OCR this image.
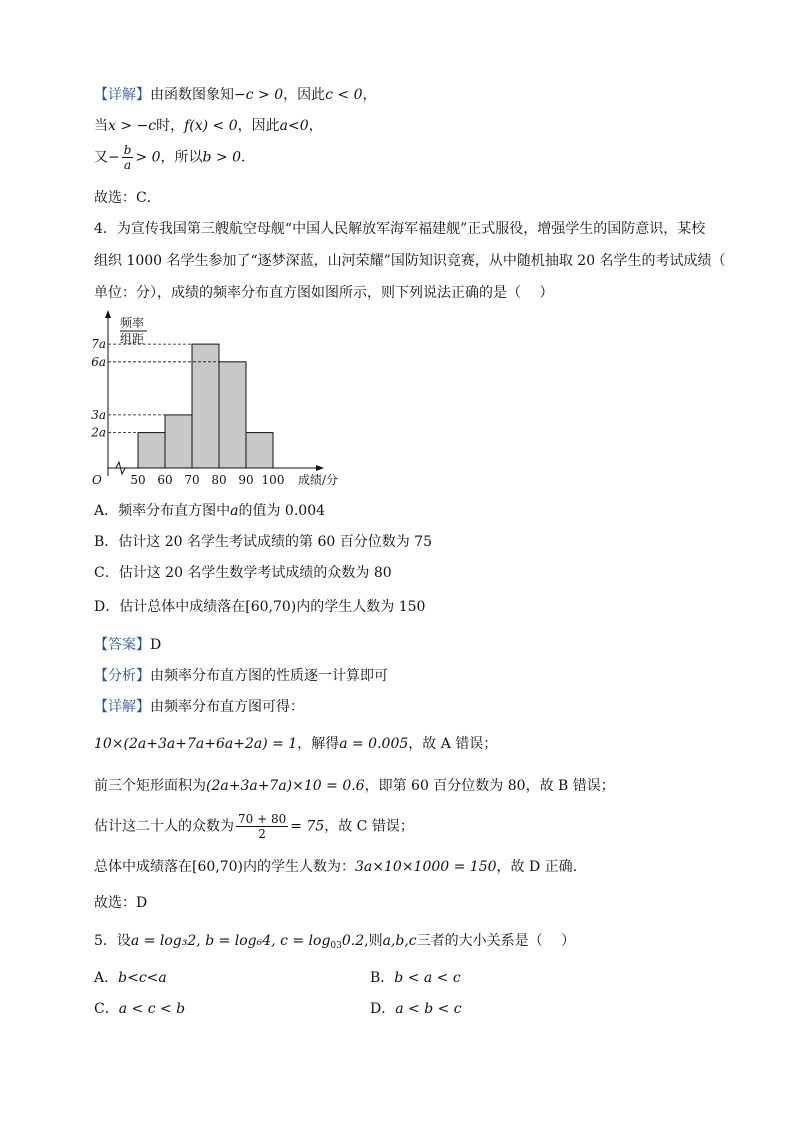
【详解】由函数图象知−c > 0，因此c < 0，
当x > −c时，f(x) < 0，因此a<0，
又− $\frac{b}{a} > 0$，所以b > 0．
故选：C．
4．为宣传我国第三艘航空母舰“中国人民解放军海军福建舰”正式服役，增强学生的国防意识，某校
组织 1000 名学生参加了“逐梦深蓝，山河荣耀”国防知识竞赛，从中随机抽取 20 名学生的考试成绩（
单位：分），成绩的频率分布直方图如图所示，则下列说法正确的是（　 ）
频率
组距
成绩/分
O 50 60 70 80 90 100
2a
3a
6a
7a
A．频率分布直方图中a的值为 0.004
B．估计这 20 名学生考试成绩的第 60 百分位数为 75
C．估计这 20 名学生数学考试成绩的众数为 80
D．估计总体中成绩落在[60,70)内的学生人数为 150
【答案】D
【分析】由频率分布直方图的性质逐一计算即可
【详解】由频率分布直方图可得：
10×(2a+3a+7a+6a+2a) = 1，解得a = 0.005，故 A 错误；
前三个矩形面积为(2a+3a+7a)×10 = 0.6，即第 60 百分位数为 80，故 B 错误；
估计这二十人的众数为 $\frac{70 + 80}{2} = 75$，故 C 错误；
总体中成绩落在[60,70)内的学生人数为：3a×10×1000 = 150，故 D 正确.
故选：D
5．设a = log₃2, b = log₆4, $c = \log_{03}0.2$,则a,b,c三者的大小关系是（　 ）
A．b<c<a	B．b < a < c
C．a < c < b	D．a < b < c
